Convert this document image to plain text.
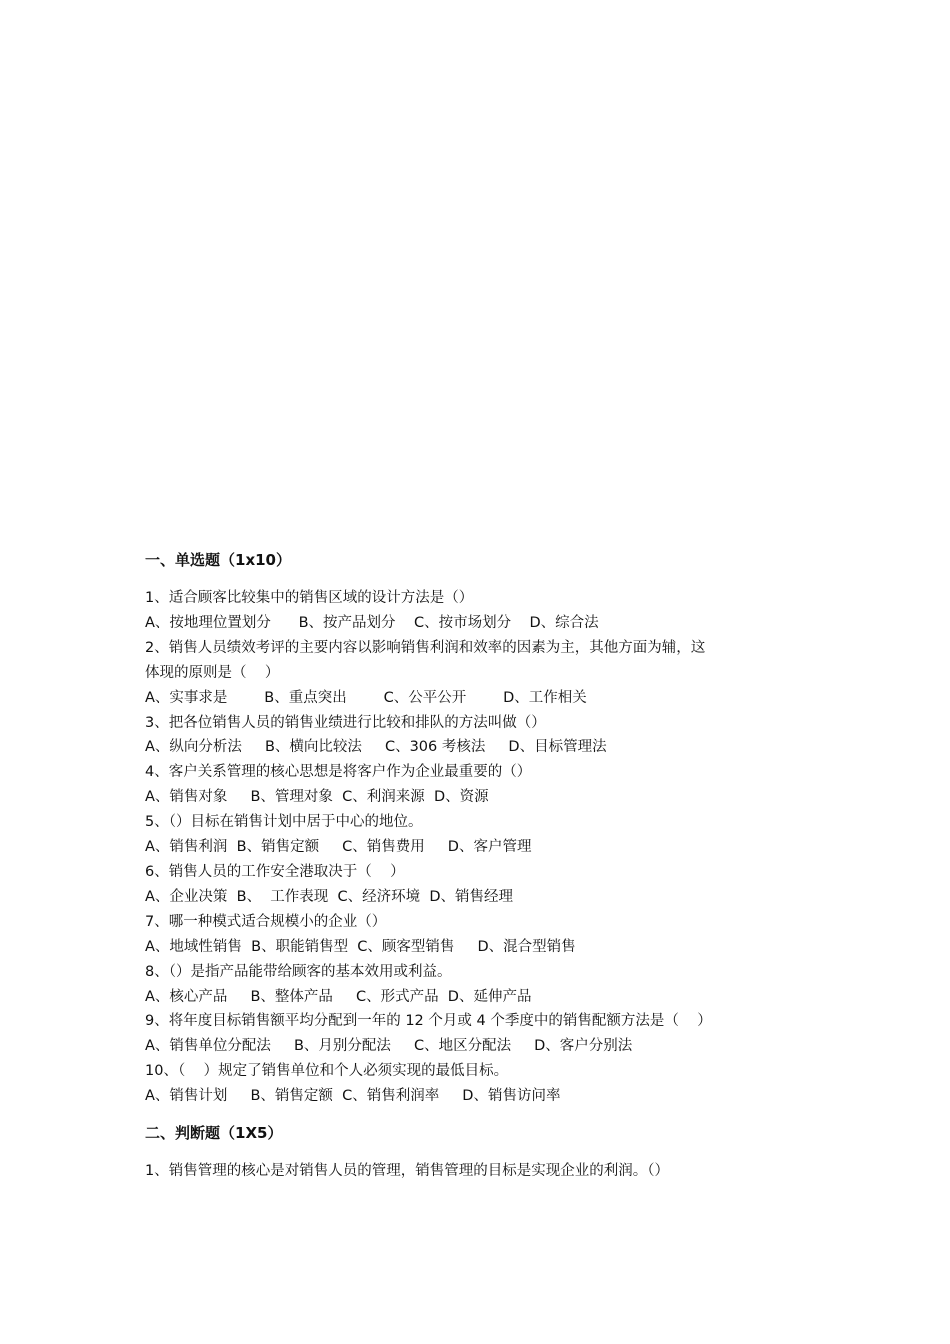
一、单选题（1x10）
1、适合顾客比较集中的销售区域的设计方法是（）
A、按地理位置划分      B、按产品划分    C、按市场划分    D、综合法
2、销售人员绩效考评的主要内容以影响销售利润和效率的因素为主，其他方面为辅，这
体现的原则是（    ）
A、实事求是        B、重点突出        C、公平公开        D、工作相关
3、把各位销售人员的销售业绩进行比较和排队的方法叫做（）
A、纵向分析法     B、横向比较法     C、306 考核法     D、目标管理法
4、客户关系管理的核心思想是将客户作为企业最重要的（）
A、销售对象     B、管理对象  C、利润来源  D、资源
5、（）目标在销售计划中居于中心的地位。
A、销售利润  B、销售定额     C、销售费用     D、客户管理
6、销售人员的工作安全港取决于（    ）
A、企业决策  B、  工作表现  C、经济环境  D、销售经理
7、哪一种模式适合规模小的企业（）
A、地域性销售  B、职能销售型  C、顾客型销售     D、混合型销售
8、（）是指产品能带给顾客的基本效用或利益。
A、核心产品     B、整体产品     C、形式产品  D、延伸产品
9、将年度目标销售额平均分配到一年的 12 个月或 4 个季度中的销售配额方法是（    ）
A、销售单位分配法     B、月别分配法     C、地区分配法     D、客户分别法
10、（    ）规定了销售单位和个人必须实现的最低目标。
A、销售计划     B、销售定额  C、销售利润率     D、销售访问率
二、判断题（1X5）
1、销售管理的核心是对销售人员的管理，销售管理的目标是实现企业的利润。（）
